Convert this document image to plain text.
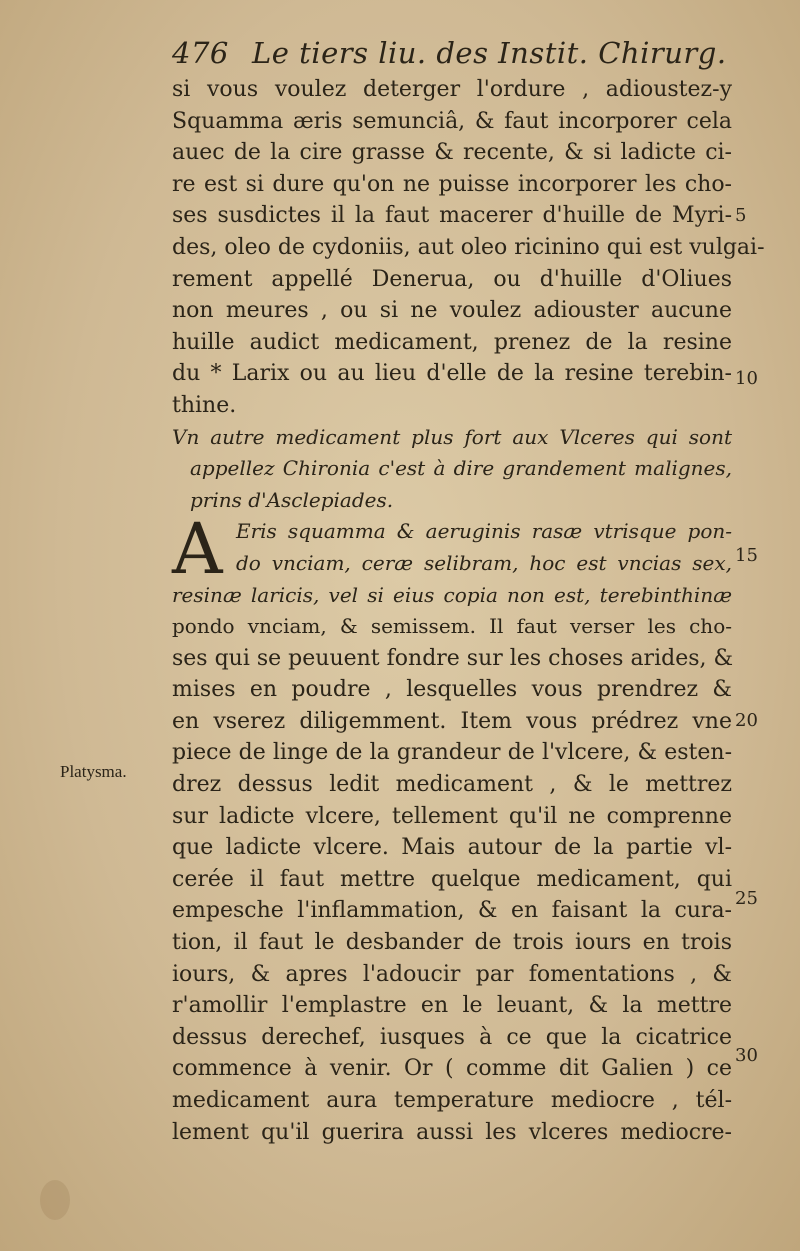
476 Le tiers liu. des Instit. Chirurg.
si vous voulez deterger l'ordure , adioustez-y
Squamma æris semunciâ, & faut incorporer cela
auec de la cire grasse & recente, & si ladicte ci-
re est si dure qu'on ne puisse incorporer les cho-
ses susdictes il la faut macerer d'huille de Myri-
des, oleo de cydoniis, aut oleo ricinino qui est vulgai-
rement appellé Denerua, ou d'huille d'Oliues
non meures , ou si ne voulez adiouster aucune
huille audict medicament, prenez de la resine
du * Larix ou au lieu d'elle de la resine terebin-
thine.
Vn autre medicament plus fort aux Vlceres qui sont
appellez Chironia c'est à dire grandement malignes,
prins d'Asclepiades.
A Eris squamma & aeruginis rasæ vtrisque pon-
do vnciam, ceræ selibram, hoc est vncias sex,
resinæ laricis, vel si eius copia non est, terebinthinæ
pondo vnciam, & semissem. Il faut verser les cho-
ses qui se peuuent fondre sur les choses arides, &
mises en poudre , lesquelles vous prendrez &
en vserez diligemment. Item vous prédrez vne
piece de linge de la grandeur de l'vlcere, & esten-
drez dessus ledit medicament , & le mettrez
sur ladicte vlcere, tellement qu'il ne comprenne
que ladicte vlcere. Mais autour de la partie vl-
cerée il faut mettre quelque medicament, qui
empesche l'inflammation, & en faisant la cura-
tion, il faut le desbander de trois iours en trois
iours, & apres l'adoucir par fomentations , &
r'amollir l'emplastre en le leuant, & la mettre
dessus derechef, iusques à ce que la cicatrice
commence à venir. Or ( comme dit Galien ) ce
medicament aura temperature mediocre , tél-
lement qu'il guerira aussi les vlceres mediocre-
Platysma.
5
10
15
20
25
30
